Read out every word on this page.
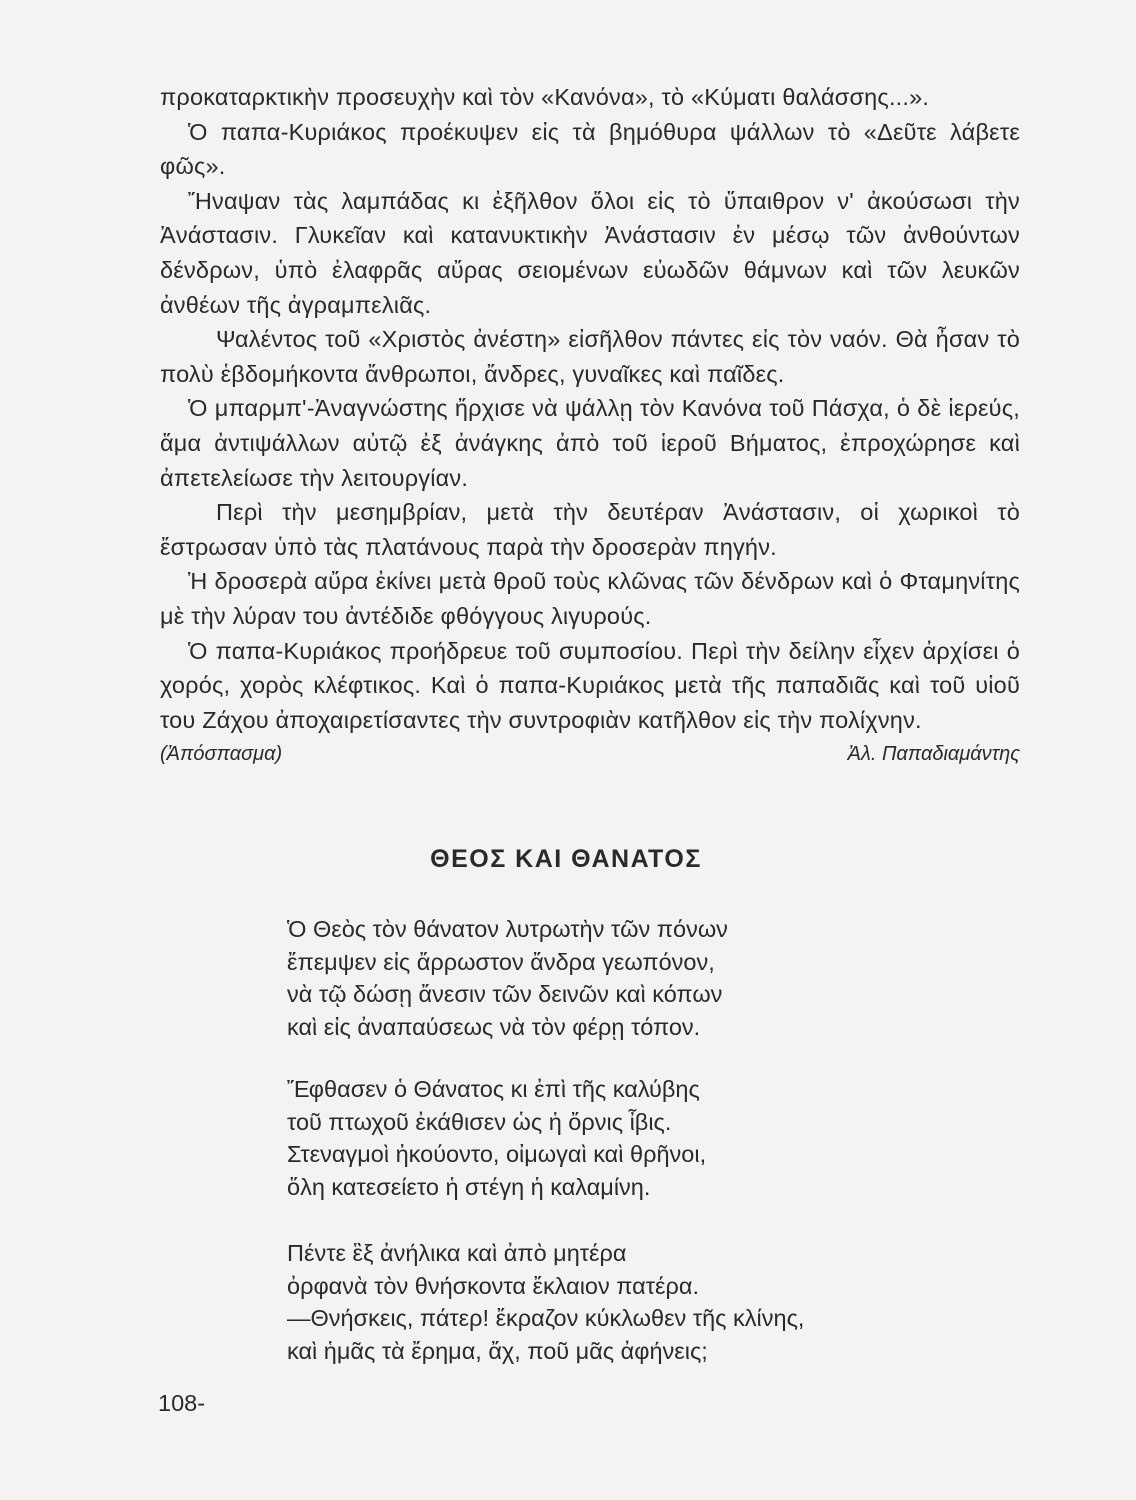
προκαταρκτικὴν προσευχὴν καὶ τὸν «Κανόνα», τὸ «Κύματι θαλάσσης...».

Ὁ παπα-Κυριάκος προέκυψεν εἰς τὰ βημόθυρα ψάλλων τὸ «Δεῦτε λάβετε φῶς».

Ἤναψαν τὰς λαμπάδας κι ἐξῆλθον ὅλοι εἰς τὸ ὕπαιθρον ν' ἀκούσωσι τὴν Ἀνάστασιν. Γλυκεῖαν καὶ κατανυκτικὴν Ἀνάστασιν ἐν μέσῳ τῶν ἀνθούντων δένδρων, ὑπὸ ἐλαφρᾶς αὔρας σειομένων εὐωδῶν θάμνων καὶ τῶν λευκῶν ἀνθέων τῆς ἀγραμπελιᾶς.

Ψαλέντος τοῦ «Χριστὸς ἀνέστη» εἰσῆλθον πάντες εἰς τὸν ναόν. Θὰ ἦσαν τὸ πολὺ ἑβδομήκοντα ἄνθρωποι, ἄνδρες, γυναῖκες καὶ παῖδες.

Ὁ μπαρμπ'-Ἀναγνώστης ἤρχισε νὰ ψάλλῃ τὸν Κανόνα τοῦ Πάσχα, ὁ δὲ ἱερεύς, ἅμα ἀντιψάλλων αὐτῷ ἐξ ἀνάγκης ἀπὸ τοῦ ἱεροῦ Βήματος, ἐπροχώρησε καὶ ἀπετελείωσε τὴν λειτουργίαν.

Περὶ τὴν μεσημβρίαν, μετὰ τὴν δευτέραν Ἀνάστασιν, οἱ χωρικοὶ τὸ ἔστρωσαν ὑπὸ τὰς πλατάνους παρὰ τὴν δροσερὰν πηγήν.

Ἡ δροσερὰ αὔρα ἐκίνει μετὰ θροῦ τοὺς κλῶνας τῶν δένδρων καὶ ὁ Φταμηνίτης μὲ τὴν λύραν του ἀντέδιδε φθόγγους λιγυρούς.

Ὁ παπα-Κυριάκος προήδρευε τοῦ συμποσίου. Περὶ τὴν δείλην εἶχεν ἀρχίσει ὁ χορός, χορὸς κλέφτικος. Καὶ ὁ παπα-Κυριάκος μετὰ τῆς παπαδιᾶς καὶ τοῦ υἱοῦ του Ζάχου ἀποχαιρετίσαντες τὴν συντροφιὰν κατῆλθον εἰς τὴν πολίχνην.

(Ἀπόσπασμα)	Ἀλ. Παπαδιαμάντης
ΘΕΟΣ ΚΑΙ ΘΑΝΑΤΟΣ
Ὁ Θεὸς τὸν θάνατον λυτρωτὴν τῶν πόνων
ἔπεμψεν εἰς ἄρρωστον ἄνδρα γεωπόνον,
νὰ τῷ δώσῃ ἄνεσιν τῶν δεινῶν καὶ κόπων
καὶ εἰς ἀναπαύσεως νὰ τὸν φέρῃ τόπον.
Ἔφθασεν ὁ Θάνατος κι ἐπὶ τῆς καλύβης
τοῦ πτωχοῦ ἐκάθισεν ὡς ἡ ὄρνις ἶβις.
Στεναγμοὶ ἠκούοντο, οἰμωγαὶ καὶ θρῆνοι,
ὅλη κατεσείετο ἡ στέγη ἡ καλαμίνη.
Πέντε ἓξ ἀνήλικα καὶ ἀπὸ μητέρα
ὀρφανὰ τὸν θνήσκοντα ἔκλαιον πατέρα.
—Θνήσκεις, πάτερ! ἔκραζον κύκλωθεν τῆς κλίνης,
καὶ ἡμᾶς τὰ ἔρημα, ἄχ, ποῦ μᾶς ἀφήνεις;
108-
